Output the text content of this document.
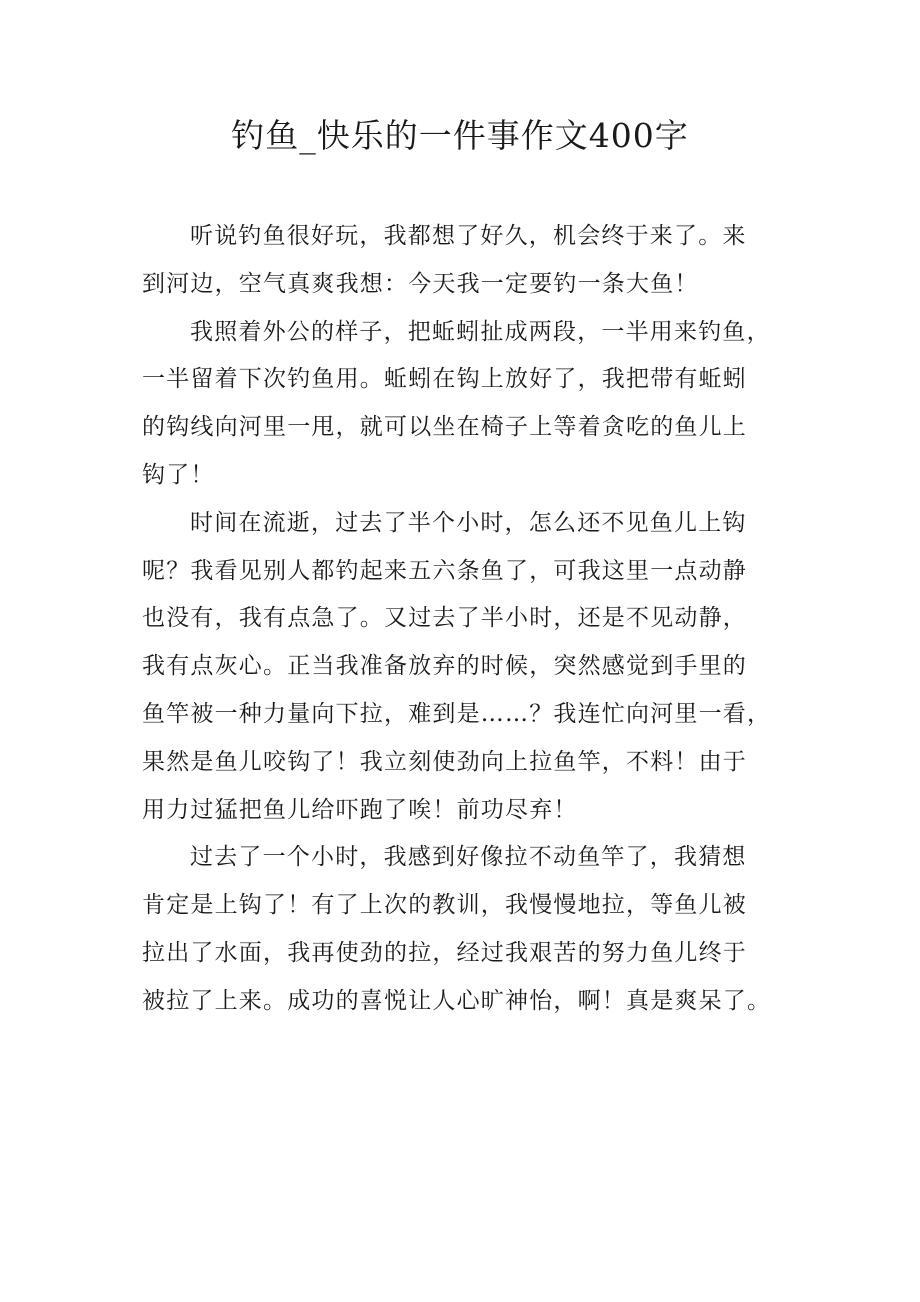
钓鱼_快乐的一件事作文400字

听说钓鱼很好玩，我都想了好久，机会终于来了。来
到河边，空气真爽我想：今天我一定要钓一条大鱼！

我照着外公的样子，把蚯蚓扯成两段，一半用来钓鱼，
一半留着下次钓鱼用。蚯蚓在钩上放好了，我把带有蚯蚓
的钩线向河里一甩，就可以坐在椅子上等着贪吃的鱼儿上
钩了！

时间在流逝，过去了半个小时，怎么还不见鱼儿上钩
呢？我看见别人都钓起来五六条鱼了，可我这里一点动静
也没有，我有点急了。又过去了半小时，还是不见动静，
我有点灰心。正当我准备放弃的时候，突然感觉到手里的
鱼竿被一种力量向下拉，难到是……？我连忙向河里一看，
果然是鱼儿咬钩了！我立刻使劲向上拉鱼竿，不料！由于
用力过猛把鱼儿给吓跑了唉！前功尽弃！

过去了一个小时，我感到好像拉不动鱼竿了，我猜想
肯定是上钩了！有了上次的教训，我慢慢地拉，等鱼儿被
拉出了水面，我再使劲的拉，经过我艰苦的努力鱼儿终于
被拉了上来。成功的喜悦让人心旷神怡，啊！真是爽呆了。
